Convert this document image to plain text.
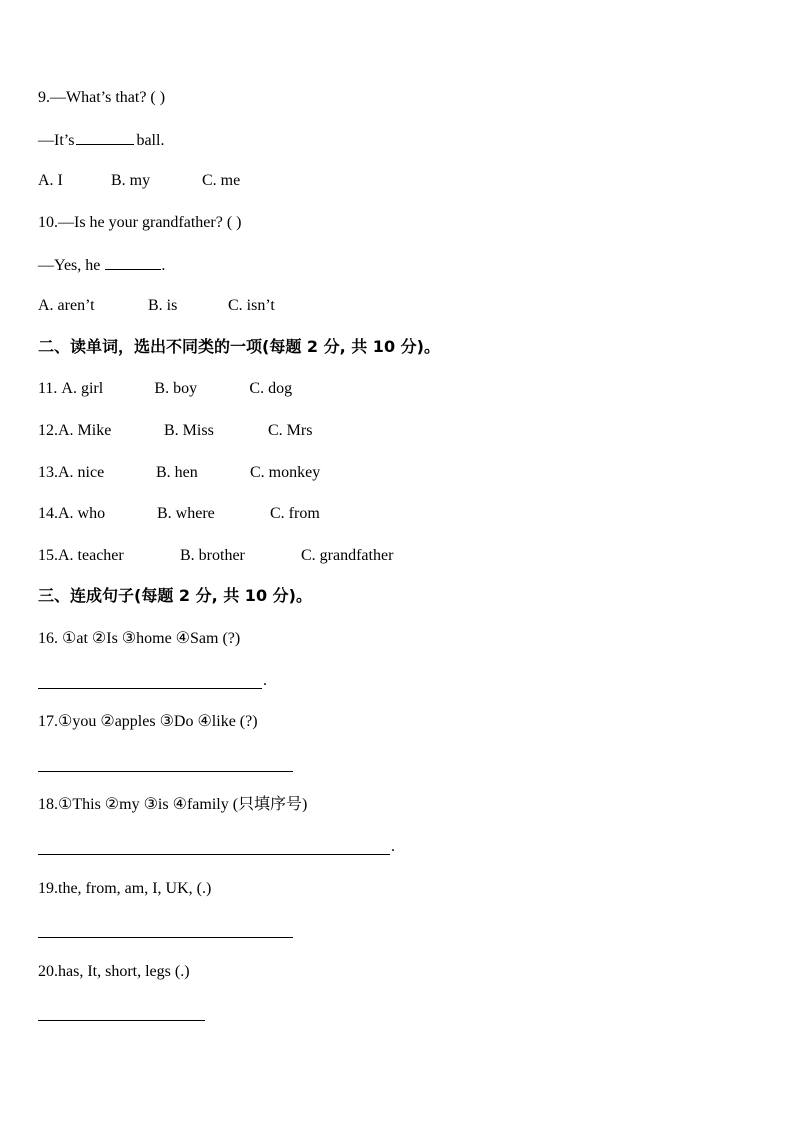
9.—What’s that? ( )
—It’s	ball.
A. I	B. my	C. me
10.—Is he your grandfather? ( )
—Yes, he	.
A. aren’t	B. is	C. isn’t
二、读单词，选出不同类的一项(每题 2 分, 共 10 分)。
11. A. girl	B. boy	C. dog
12.A. Mike	B. Miss	C. Mrs
13.A. nice	B. hen	C. monkey
14.A. who	B. where	C. from
15.A. teacher	B. brother	C. grandfather
三、连成句子(每题 2 分, 共 10 分)。
16. ①at ②Is ③home ④Sam (?)
.
17.①you ②apples ③Do ④like (?)
18.①This ②my ③is ④family (只填序号)
.
19.the, from, am, I, UK, (.)
20.has, It, short, legs (.)
